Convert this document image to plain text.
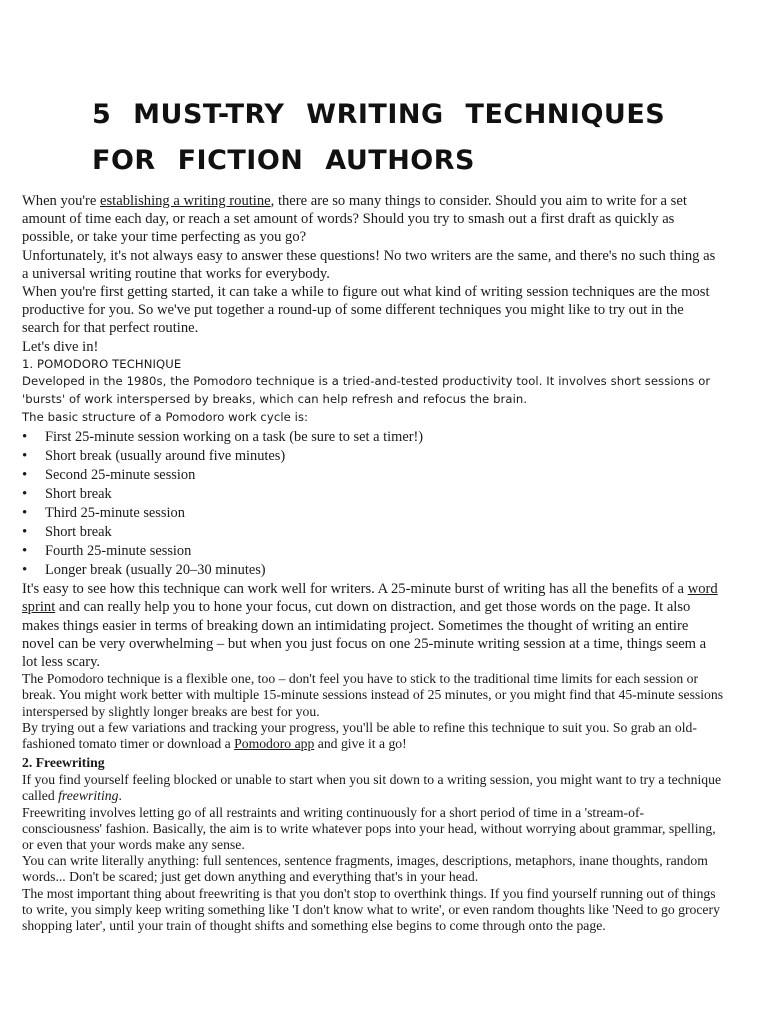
5 MUST-TRY WRITING TECHNIQUES FOR FICTION AUTHORS

When you're establishing a writing routine, there are so many things to consider. Should you aim to write for a set amount of time each day, or reach a set amount of words? Should you try to smash out a first draft as quickly as possible, or take your time perfecting as you go?

Unfortunately, it's not always easy to answer these questions! No two writers are the same, and there's no such thing as a universal writing routine that works for everybody.

When you're first getting started, it can take a while to figure out what kind of writing session techniques are the most productive for you. So we've put together a round-up of some different techniques you might like to try out in the search for that perfect routine.

Let's dive in!

1. POMODORO TECHNIQUE

Developed in the 1980s, the Pomodoro technique is a tried-and-tested productivity tool. It involves short sessions or 'bursts' of work interspersed by breaks, which can help refresh and refocus the brain.

The basic structure of a Pomodoro work cycle is:

• First 25-minute session working on a task (be sure to set a timer!)
• Short break (usually around five minutes)
• Second 25-minute session
• Short break
• Third 25-minute session
• Short break
• Fourth 25-minute session
• Longer break (usually 20–30 minutes)

It's easy to see how this technique can work well for writers. A 25-minute burst of writing has all the benefits of a word sprint and can really help you to hone your focus, cut down on distraction, and get those words on the page. It also makes things easier in terms of breaking down an intimidating project. Sometimes the thought of writing an entire novel can be very overwhelming – but when you just focus on one 25-minute writing session at a time, things seem a lot less scary.

The Pomodoro technique is a flexible one, too – don't feel you have to stick to the traditional time limits for each session or break. You might work better with multiple 15-minute sessions instead of 25 minutes, or you might find that 45-minute sessions interspersed by slightly longer breaks are best for you.

By trying out a few variations and tracking your progress, you'll be able to refine this technique to suit you. So grab an old-fashioned tomato timer or download a Pomodoro app and give it a go!

2. Freewriting

If you find yourself feeling blocked or unable to start when you sit down to a writing session, you might want to try a technique called freewriting.

Freewriting involves letting go of all restraints and writing continuously for a short period of time in a 'stream-of-consciousness' fashion. Basically, the aim is to write whatever pops into your head, without worrying about grammar, spelling, or even that your words make any sense.

You can write literally anything: full sentences, sentence fragments, images, descriptions, metaphors, inane thoughts, random words... Don't be scared; just get down anything and everything that's in your head.

The most important thing about freewriting is that you don't stop to overthink things. If you find yourself running out of things to write, you simply keep writing something like 'I don't know what to write', or even random thoughts like 'Need to go grocery shopping later', until your train of thought shifts and something else begins to come through onto the page.
